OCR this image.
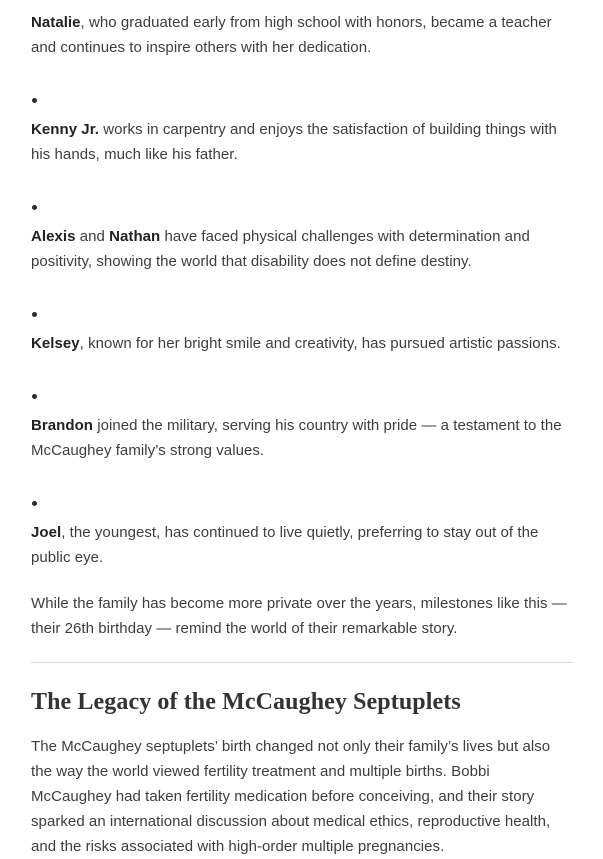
Natalie, who graduated early from high school with honors, became a teacher and continues to inspire others with her dedication.

Kenny Jr. works in carpentry and enjoys the satisfaction of building things with his hands, much like his father.

Alexis and Nathan have faced physical challenges with determination and positivity, showing the world that disability does not define destiny.

Kelsey, known for her bright smile and creativity, has pursued artistic passions.

Brandon joined the military, serving his country with pride — a testament to the McCaughey family’s strong values.

Joel, the youngest, has continued to live quietly, preferring to stay out of the public eye.

While the family has become more private over the years, milestones like this — their 26th birthday — remind the world of their remarkable story.

The Legacy of the McCaughey Septuplets

The McCaughey septuplets’ birth changed not only their family’s lives but also the way the world viewed fertility treatment and multiple births. Bobbi McCaughey had taken fertility medication before conceiving, and their story sparked an international discussion about medical ethics, reproductive health, and the risks associated with high-order multiple pregnancies.
